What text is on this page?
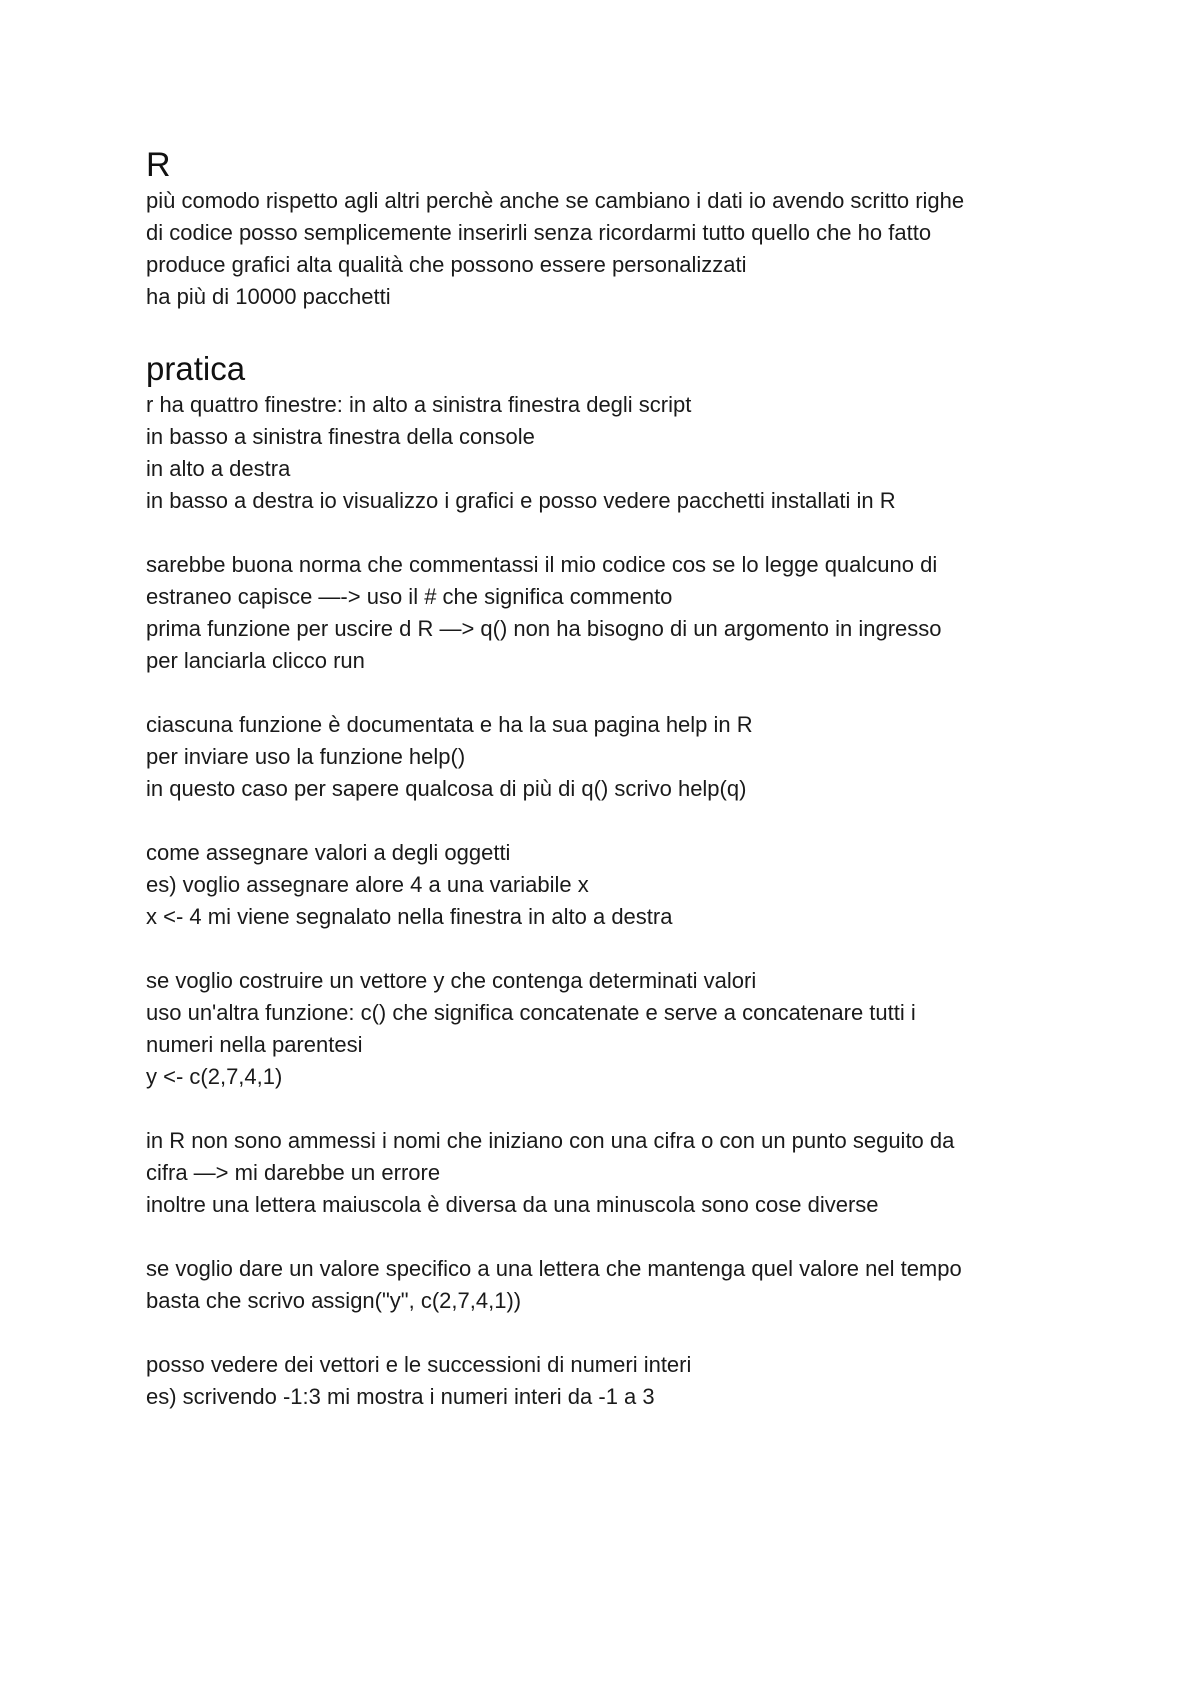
R
più comodo rispetto agli altri perchè anche se cambiano i dati io avendo scritto righe
di codice posso semplicemente inserirli senza ricordarmi tutto quello che ho fatto
produce grafici alta qualità che possono essere personalizzati
ha più di 10000 pacchetti
pratica
r ha quattro finestre: in alto a sinistra finestra degli script
in basso a sinistra finestra della console
in alto a destra
in basso a destra io visualizzo i grafici e posso vedere pacchetti installati in R
sarebbe buona norma che commentassi il mio codice cos se lo legge qualcuno di
estraneo capisce —-> uso il # che significa commento
prima funzione per uscire d R —> q() non ha bisogno di un argomento in ingresso
per lanciarla clicco run
ciascuna funzione è documentata e ha la sua pagina help in R
per inviare uso la funzione help()
in questo caso per sapere qualcosa di più di q() scrivo help(q)
come assegnare valori a degli oggetti
es) voglio assegnare alore 4 a una variabile x
x <- 4 mi viene segnalato nella finestra in alto a destra
se voglio costruire un vettore y che contenga determinati valori
uso un'altra funzione: c() che significa concatenate e serve a concatenare tutti i
numeri nella parentesi
y <- c(2,7,4,1)
in R non sono ammessi i nomi che iniziano con una cifra o con un punto seguito da
cifra —> mi darebbe un errore
inoltre una lettera maiuscola è diversa da una minuscola sono cose diverse
se voglio dare un valore specifico a una lettera che mantenga quel valore nel tempo
basta che scrivo assign("y", c(2,7,4,1))
posso vedere dei vettori e le successioni di numeri interi
es) scrivendo -1:3 mi mostra i numeri interi da -1 a 3
